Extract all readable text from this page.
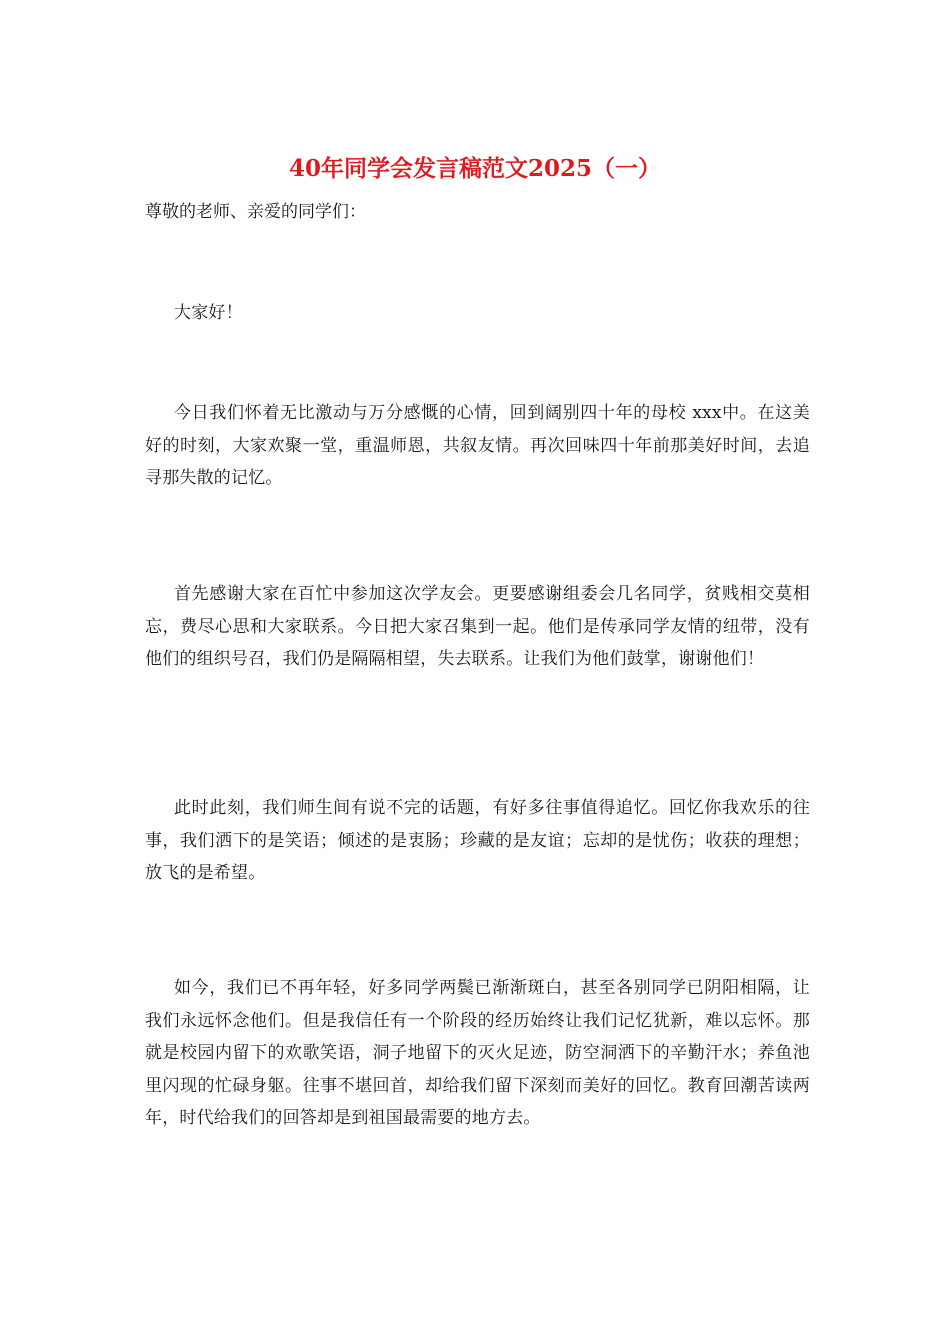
40年同学会发言稿范文2025（一）

尊敬的老师、亲爱的同学们：

大家好！

今日我们怀着无比激动与万分感慨的心情，回到阔别四十年的母校 xxx中。在这美好的时刻，大家欢聚一堂，重温师恩，共叙友情。再次回味四十年前那美好时间，去追寻那失散的记忆。

首先感谢大家在百忙中参加这次学友会。更要感谢组委会几名同学，贫贱相交莫相忘，费尽心思和大家联系。今日把大家召集到一起。他们是传承同学友情的纽带，没有他们的组织号召，我们仍是隔隔相望，失去联系。让我们为他们鼓掌，谢谢他们！

此时此刻，我们师生间有说不完的话题，有好多往事值得追忆。回忆你我欢乐的往事，我们洒下的是笑语；倾述的是衷肠；珍藏的是友谊；忘却的是忧伤；收获的理想；放飞的是希望。

如今，我们已不再年轻，好多同学两鬓已渐渐斑白，甚至各别同学已阴阳相隔，让我们永远怀念他们。但是我信任有一个阶段的经历始终让我们记忆犹新，难以忘怀。那就是校园内留下的欢歌笑语，洞子地留下的灭火足迹，防空洞洒下的辛勤汗水；养鱼池里闪现的忙碌身躯。往事不堪回首，却给我们留下深刻而美好的回忆。教育回潮苦读两年，时代给我们的回答却是到祖国最需要的地方去。
